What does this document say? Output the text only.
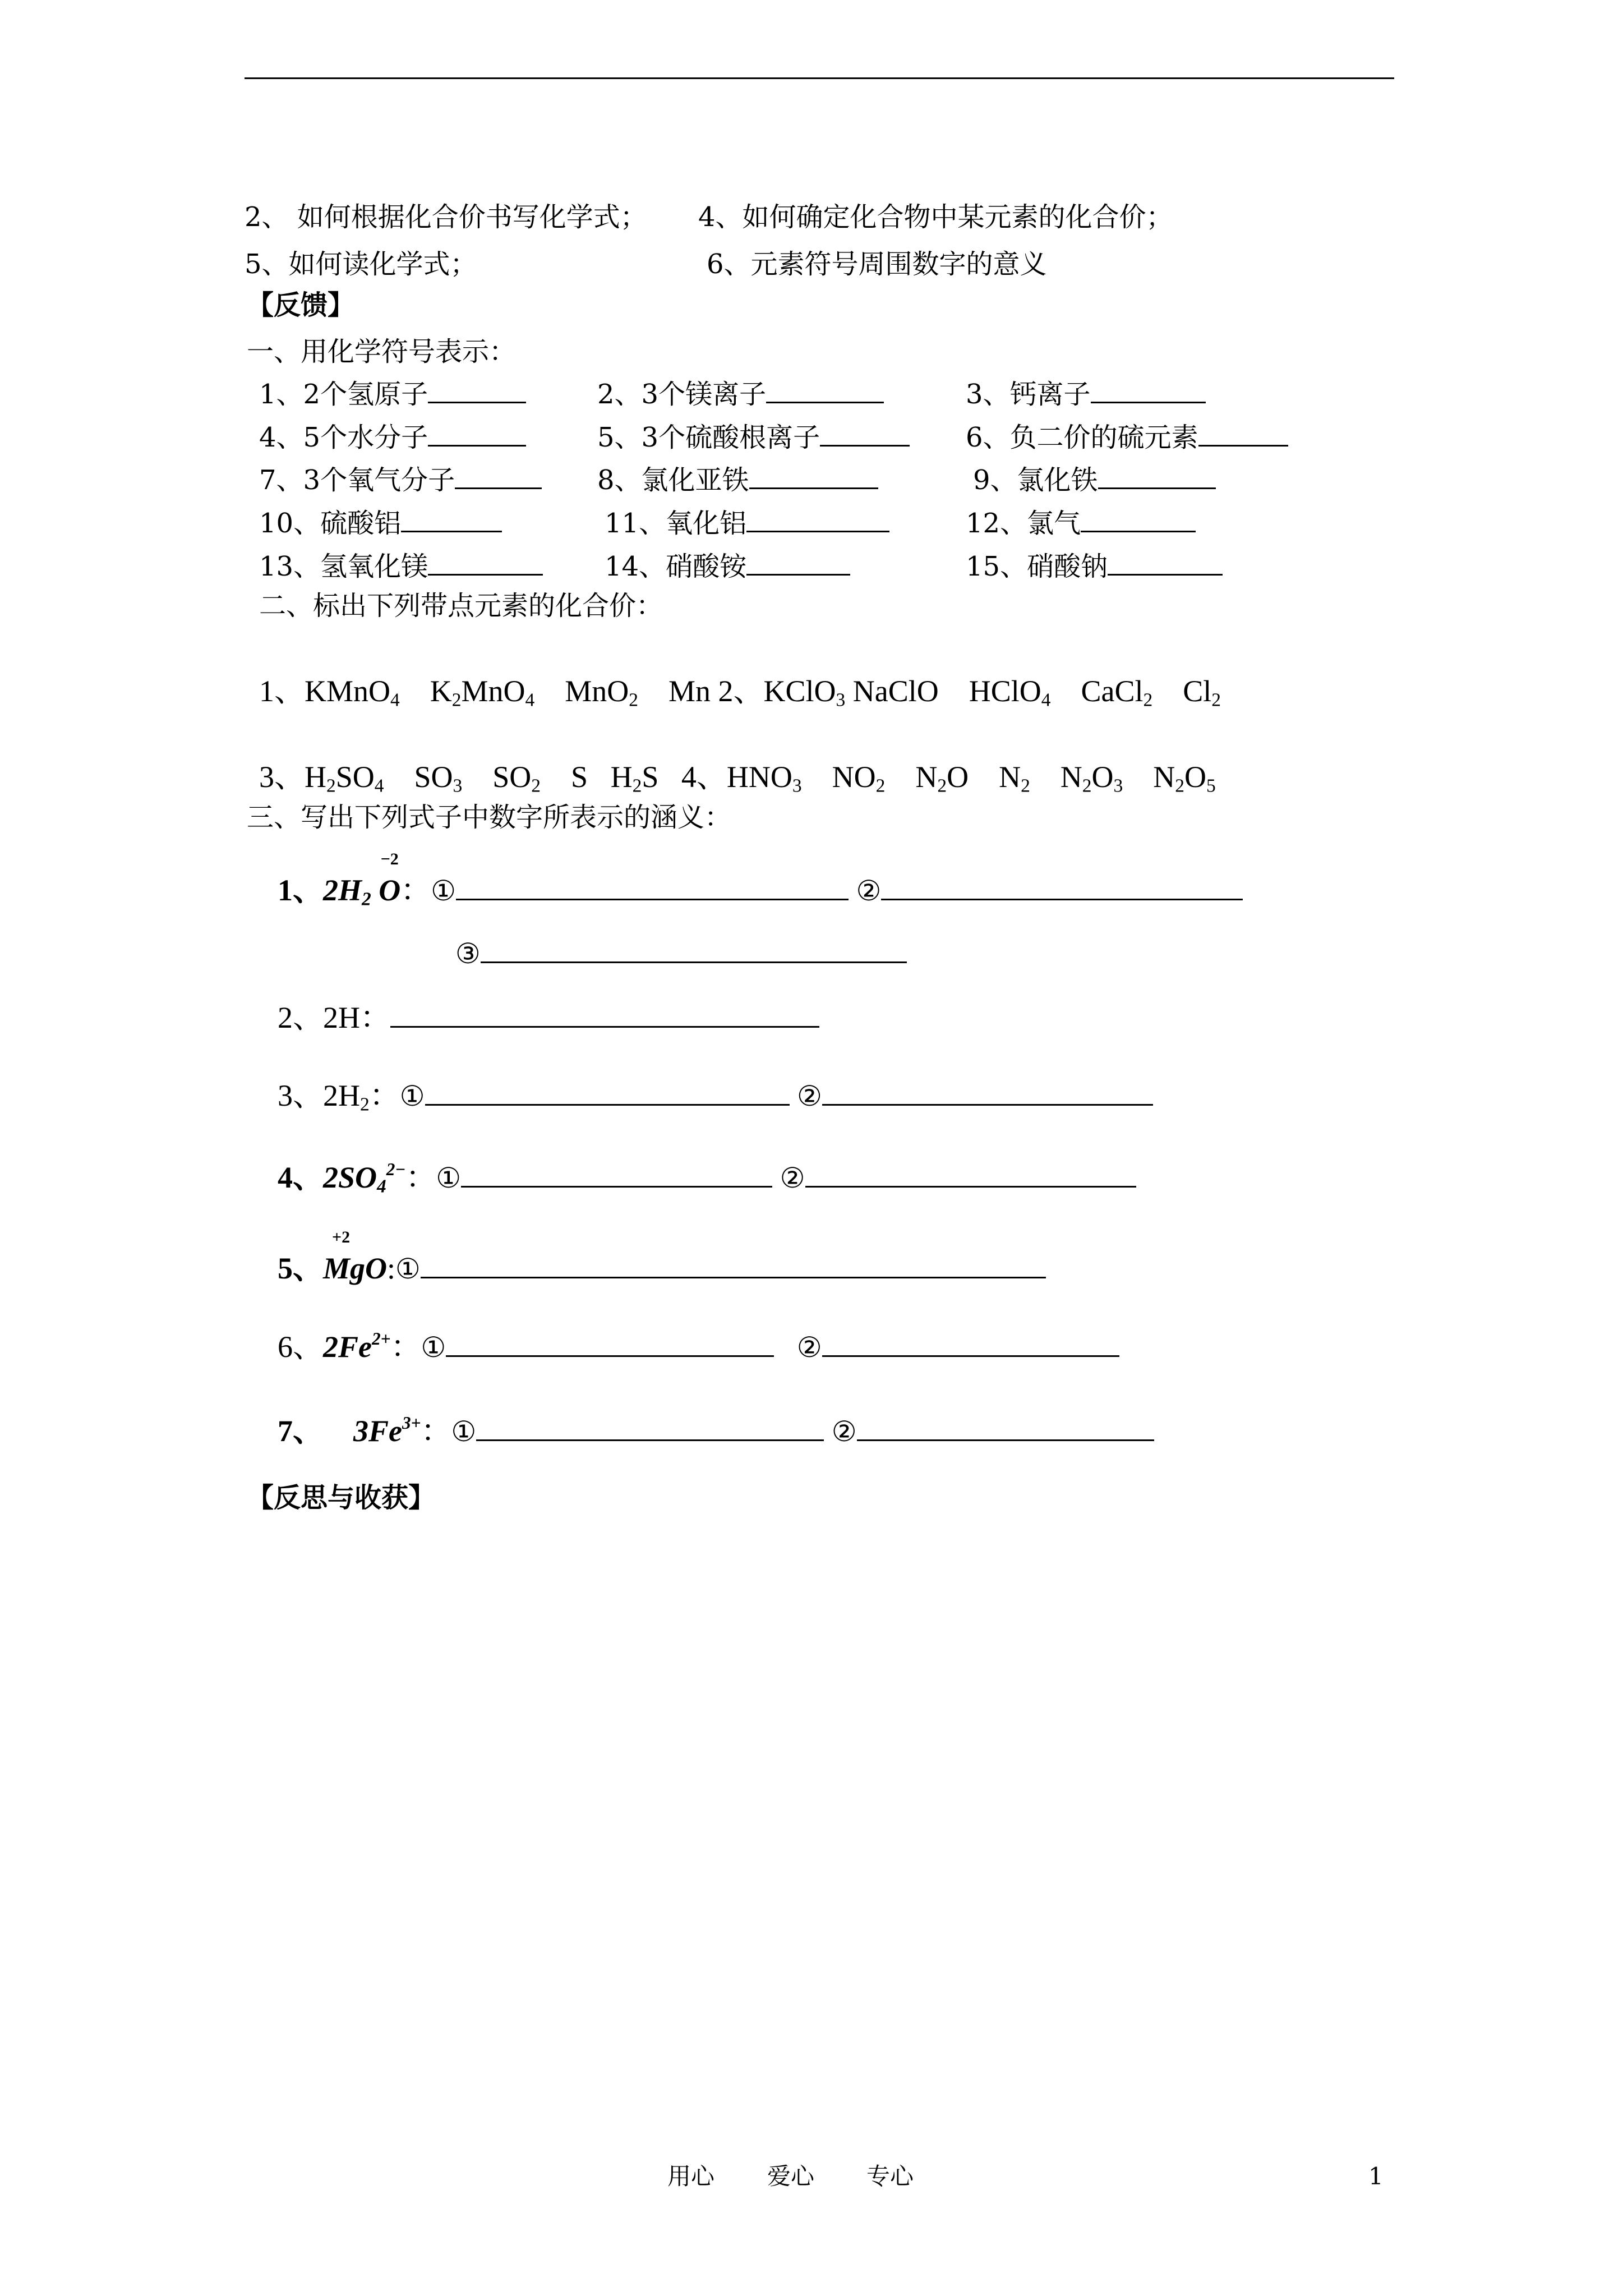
2、 如何根据化合价书写化学式； 4、如何确定化合物中某元素的化合价；
5、如何读化学式；	6、元素符号周围数字的意义
【反馈】
一、用化学符号表示：
1、2个氢原子	2、3个镁离子	3、钙离子
4、5个水分子	5、3个硫酸根离子	6、负二价的硫元素
7、3个氧气分子	8、氯化亚铁	9、氯化铁
10、硫酸铝	11、氧化铝	12、氯气
13、氢氧化镁	14、硝酸铵	15、硝酸钠
二、标出下列带点元素的化合价：
1、KMnO$_4$ $K_2MnO_4$ MnO$_2$ Mn 2、KClO$_3$ NaClO HClO$_4$ CaCl$_2$ $Cl_2$
3、$H_2SO_4$ $SO_3$ $SO_2$ S $H_2S$ 4、$HNO_3$ $NO_2$ $N_2O$ $N_2$ $N_2O_3$ $N_2O_5$
三、写出下列式子中数字所表示的涵义：
1、$2H_2$ O
−2
：①	②
③
2、2H：
3、$2H_2$：①	②
4、$2SO_4^{2-}$：①	②
5、Mg
+2
O:①
6、$2Fe^{2+}$：①	②
7、 $3Fe^{3+}$：①	②
【反思与收获】
用心 爱心 专心	1
